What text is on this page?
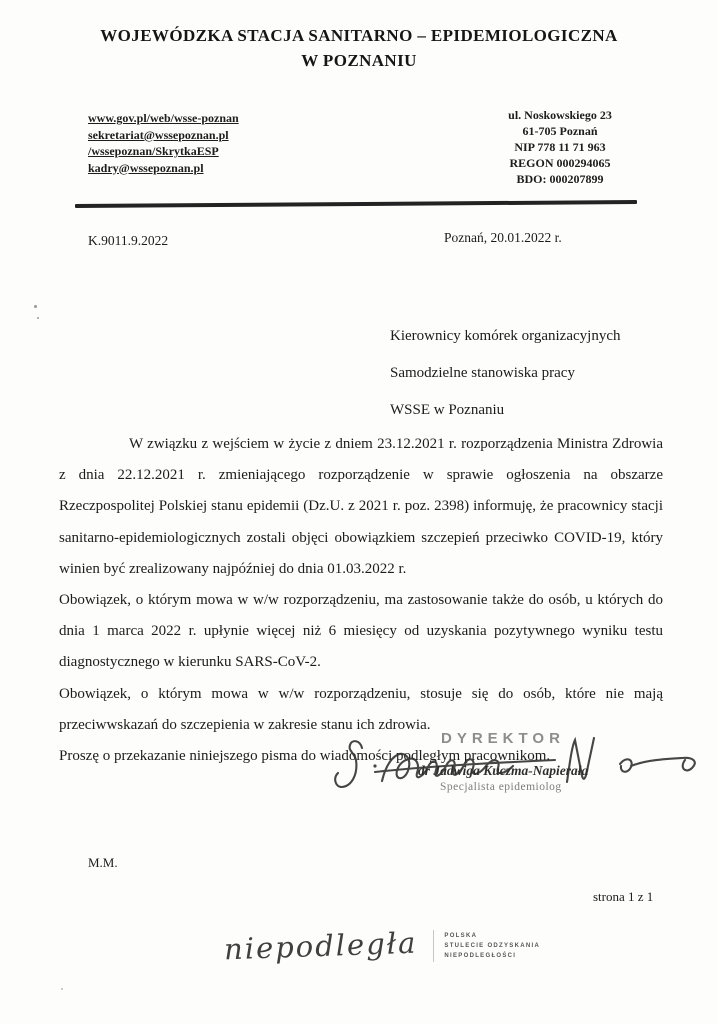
WOJEWÓDZKA STACJA SANITARNO – EPIDEMIOLOGICZNA
W POZNANIU
www.gov.pl/web/wsse-poznan
sekretariat@wssepoznan.pl
/wssepoznan/SkrytkaESP
kadry@wssepoznan.pl
ul. Noskowskiego 23
61-705 Poznań
NIP 778 11 71 963
REGON 000294065
BDO: 000207899
K.9011.9.2022	Poznań, 20.01.2022 r.
Kierownicy komórek organizacyjnych
Samodzielne stanowiska pracy
WSSE w Poznaniu

W związku z wejściem w życie z dniem 23.12.2021 r. rozporządzenia Ministra Zdrowia z dnia 22.12.2021 r. zmieniającego rozporządzenie w sprawie ogłoszenia na obszarze Rzeczpospolitej Polskiej stanu epidemii (Dz.U. z 2021 r. poz. 2398) informuję, że pracownicy stacji sanitarno-epidemiologicznych zostali objęci obowiązkiem szczepień przeciwko COVID-19, który winien być zrealizowany najpóźniej do dnia 01.03.2022 r.

Obowiązek, o którym mowa w w/w rozporządzeniu, ma zastosowanie także do osób, u których do dnia 1 marca 2022 r. upłynie więcej niż 6 miesięcy od uzyskania pozytywnego wyniku testu diagnostycznego w kierunku SARS-CoV-2.

Obowiązek, o którym mowa w w/w rozporządzeniu, stosuje się do osób, które nie mają przeciwwskazań do szczepienia w zakresie stanu ich zdrowia.

Proszę o przekazanie niniejszego pisma do wiadomości podległym pracownikom.

DYREKTOR
dr Jadwiga Kuczma-Napierała
Specjalista epidemiolog
M.M.
strona 1 z 1
niepodległa	POLSKA
STULECIE ODZYSKANIA
NIEPODLEGŁOŚCI
